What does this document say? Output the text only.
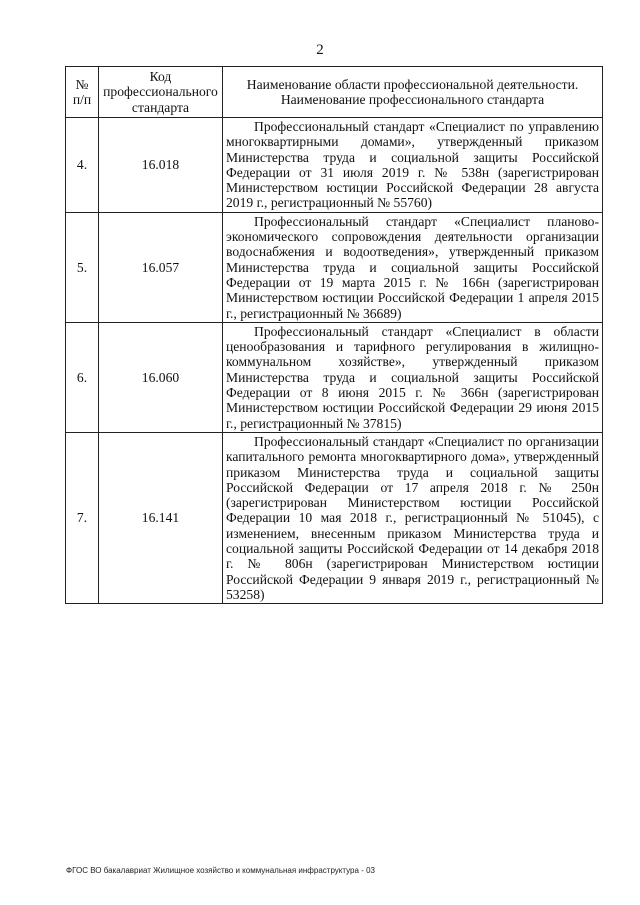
2
№ п/п	Код профессионального стандарта	Наименование области профессиональной деятельности. Наименование профессионального стандарта
4.	16.018	Профессиональный стандарт «Специалист по управлению многоквартирными домами», утвержденный приказом Министерства труда и социальной защиты Российской Федерации от 31 июля 2019 г. № 538н (зарегистрирован Министерством юстиции Российской Федерации 28 августа 2019 г., регистрационный № 55760)
5.	16.057	Профессиональный стандарт «Специалист планово-экономического сопровождения деятельности организации водоснабжения и водоотведения», утвержденный приказом Министерства труда и социальной защиты Российской Федерации от 19 марта 2015 г. № 166н (зарегистрирован Министерством юстиции Российской Федерации 1 апреля 2015 г., регистрационный № 36689)
6.	16.060	Профессиональный стандарт «Специалист в области ценообразования и тарифного регулирования в жилищно-коммунальном хозяйстве», утвержденный приказом Министерства труда и социальной защиты Российской Федерации от 8 июня 2015 г. № 366н (зарегистрирован Министерством юстиции Российской Федерации 29 июня 2015 г., регистрационный № 37815)
7.	16.141	Профессиональный стандарт «Специалист по организации капитального ремонта многоквартирного дома», утвержденный приказом Министерства труда и социальной защиты Российской Федерации от 17 апреля 2018 г. № 250н (зарегистрирован Министерством юстиции Российской Федерации 10 мая 2018 г., регистрационный № 51045), с изменением, внесенным приказом Министерства труда и социальной защиты Российской Федерации от 14 декабря 2018 г. № 806н (зарегистрирован Министерством юстиции Российской Федерации 9 января 2019 г., регистрационный № 53258)
ФГОС ВО бакалавриат Жилищное хозяйство и коммунальная инфраструктура - 03
